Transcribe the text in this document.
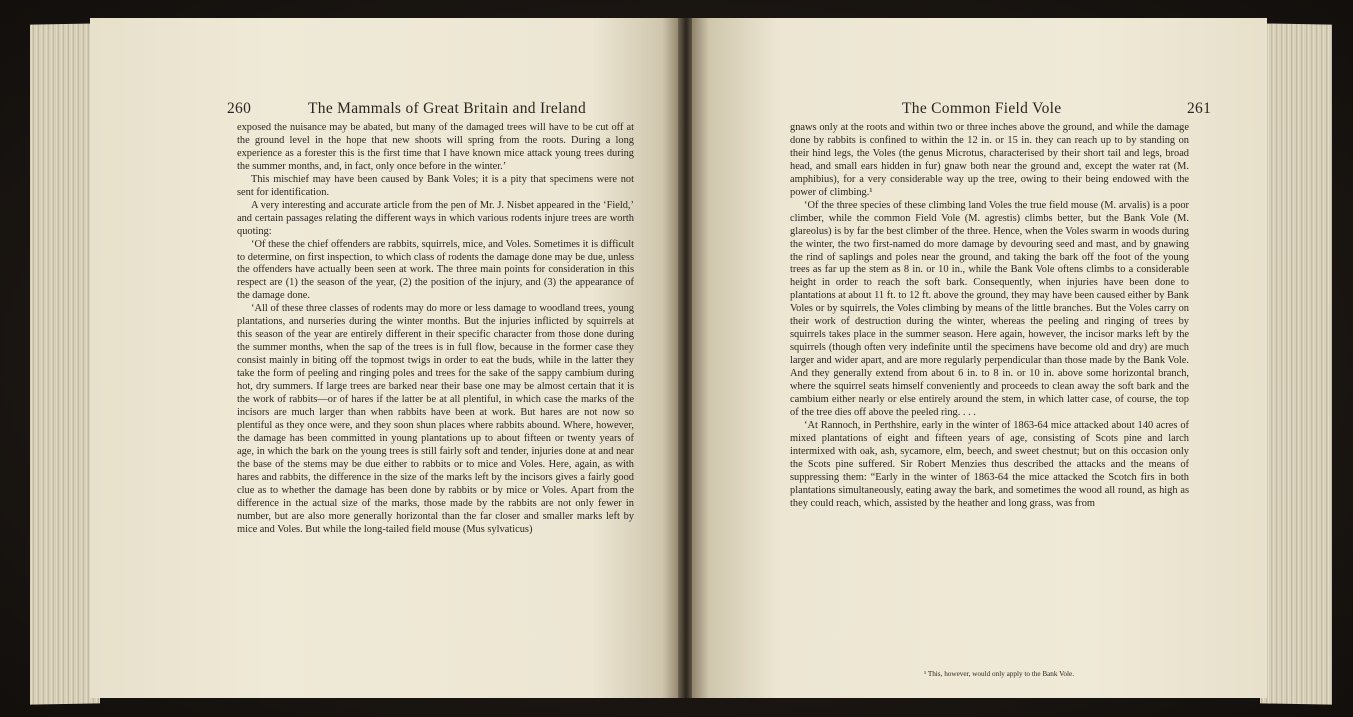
260	The Mammals of Great Britain and Ireland

exposed the nuisance may be abated, but many of the damaged trees will have to be cut off at the ground level in the hope that new shoots will spring from the roots. During a long experience as a forester this is the first time that I have known mice attack young trees during the summer months, and, in fact, only once before in the winter.’

This mischief may have been caused by Bank Voles; it is a pity that specimens were not sent for identification.

A very interesting and accurate article from the pen of Mr. J. Nisbet appeared in the ‘Field,’ and certain passages relating the different ways in which various rodents injure trees are worth quoting:

‘Of these the chief offenders are rabbits, squirrels, mice, and Voles. Sometimes it is difficult to determine, on first inspection, to which class of rodents the damage done may be due, unless the offenders have actually been seen at work. The three main points for consideration in this respect are (1) the season of the year, (2) the position of the injury, and (3) the appearance of the damage done.

‘All of these three classes of rodents may do more or less damage to woodland trees, young plantations, and nurseries during the winter months. But the injuries inflicted by squirrels at this season of the year are entirely different in their specific character from those done during the summer months, when the sap of the trees is in full flow, because in the former case they consist mainly in biting off the topmost twigs in order to eat the buds, while in the latter they take the form of peeling and ringing poles and trees for the sake of the sappy cambium during hot, dry summers. If large trees are barked near their base one may be almost certain that it is the work of rabbits—or of hares if the latter be at all plentiful, in which case the marks of the incisors are much larger than when rabbits have been at work. But hares are not now so plentiful as they once were, and they soon shun places where rabbits abound. Where, however, the damage has been committed in young plantations up to about fifteen or twenty years of age, in which the bark on the young trees is still fairly soft and tender, injuries done at and near the base of the stems may be due either to rabbits or to mice and Voles. Here, again, as with hares and rabbits, the difference in the size of the marks left by the incisors gives a fairly good clue as to whether the damage has been done by rabbits or by mice or Voles. Apart from the difference in the actual size of the marks, those made by the rabbits are not only fewer in number, but are also more generally horizontal than the far closer and smaller marks left by mice and Voles. But while the long-tailed field mouse (Mus sylvaticus)

The Common Field Vole	261

gnaws only at the roots and within two or three inches above the ground, and while the damage done by rabbits is confined to within the 12 in. or 15 in. they can reach up to by standing on their hind legs, the Voles (the genus Microtus, characterised by their short tail and legs, broad head, and small ears hidden in fur) gnaw both near the ground and, except the water rat (M. amphibius), for a very considerable way up the tree, owing to their being endowed with the power of climbing.¹

‘Of the three species of these climbing land Voles the true field mouse (M. arvalis) is a poor climber, while the common Field Vole (M. agrestis) climbs better, but the Bank Vole (M. glareolus) is by far the best climber of the three. Hence, when the Voles swarm in woods during the winter, the two first-named do more damage by devouring seed and mast, and by gnawing the rind of saplings and poles near the ground, and taking the bark off the foot of the young trees as far up the stem as 8 in. or 10 in., while the Bank Vole oftens climbs to a considerable height in order to reach the soft bark. Consequently, when injuries have been done to plantations at about 11 ft. to 12 ft. above the ground, they may have been caused either by Bank Voles or by squirrels, the Voles climbing by means of the little branches. But the Voles carry on their work of destruction during the winter, whereas the peeling and ringing of trees by squirrels takes place in the summer season. Here again, however, the incisor marks left by the squirrels (though often very indefinite until the specimens have become old and dry) are much larger and wider apart, and are more regularly perpendicular than those made by the Bank Vole. And they generally extend from about 6 in. to 8 in. or 10 in. above some horizontal branch, where the squirrel seats himself conveniently and proceeds to clean away the soft bark and the cambium either nearly or else entirely around the stem, in which latter case, of course, the top of the tree dies off above the peeled ring. . . .

‘At Rannoch, in Perthshire, early in the winter of 1863-64 mice attacked about 140 acres of mixed plantations of eight and fifteen years of age, consisting of Scots pine and larch intermixed with oak, ash, sycamore, elm, beech, and sweet chestnut; but on this occasion only the Scots pine suffered. Sir Robert Menzies thus described the attacks and the means of suppressing them: “Early in the winter of 1863-64 the mice attacked the Scotch firs in both plantations simultaneously, eating away the bark, and sometimes the wood all round, as high as they could reach, which, assisted by the heather and long grass, was from

¹ This, however, would only apply to the Bank Vole.
